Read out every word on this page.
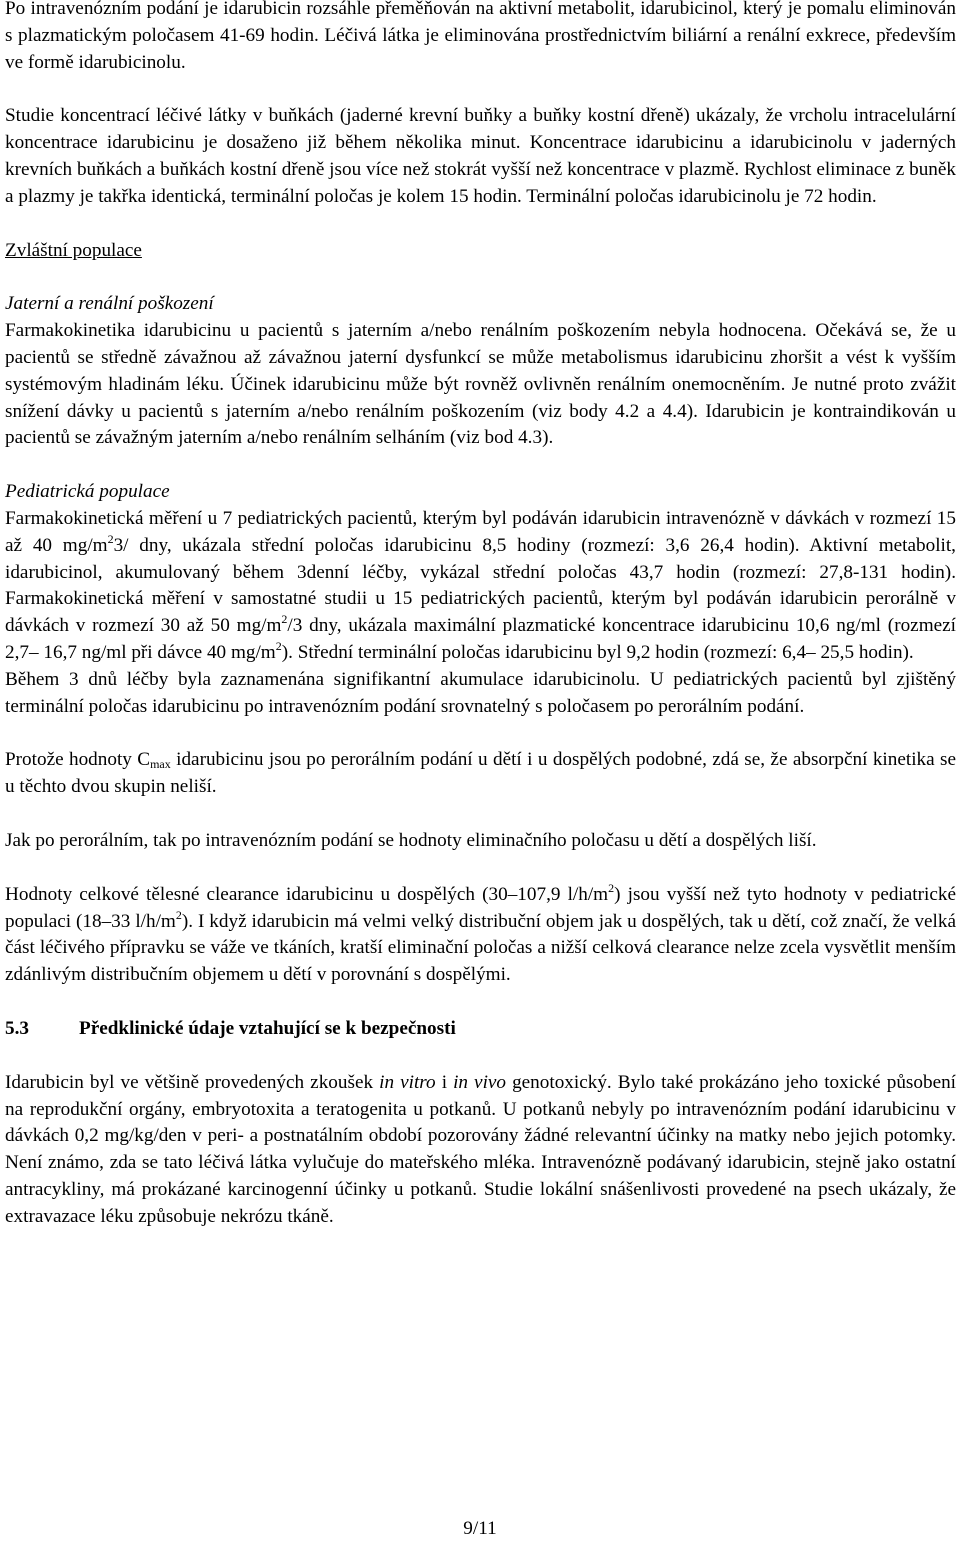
Po intravenózním podání je idarubicin rozsáhle přeměňován na aktivní metabolit, idarubicinol, který je pomalu eliminován s plazmatickým poločasem 41-69 hodin. Léčivá látka je eliminována prostřednictvím biliární a renální exkrece, především ve formě idarubicinolu.

Studie koncentrací léčivé látky v buňkách (jaderné krevní buňky a buňky kostní dřeně) ukázaly, že vrcholu intracelulární koncentrace idarubicinu je dosaženo již během několika minut. Koncentrace idarubicinu a idarubicinolu v jaderných krevních buňkách a buňkách kostní dřeně jsou více než stokrát vyšší než koncentrace v plazmě. Rychlost eliminace z buněk a plazmy je takřka identická, terminální poločas je kolem 15 hodin. Terminální poločas idarubicinolu je 72 hodin.

Zvláštní populace

Jaterní a renální poškození

Farmakokinetika idarubicinu u pacientů s jaterním a/nebo renálním poškozením nebyla hodnocena. Očekává se, že u pacientů se středně závažnou až závažnou jaterní dysfunkcí se může metabolismus idarubicinu zhoršit a vést k vyšším systémovým hladinám léku. Účinek idarubicinu může být rovněž ovlivněn renálním onemocněním. Je nutné proto zvážit snížení dávky u pacientů s jaterním a/nebo renálním poškozením (viz body 4.2 a 4.4). Idarubicin je kontraindikován u pacientů se závažným jaterním a/nebo renálním selháním (viz bod 4.3).

Pediatrická populace

Farmakokinetická měření u 7 pediatrických pacientů, kterým byl podáván idarubicin intravenózně v dávkách v rozmezí 15 až 40 $mg/m^23/$ dny, ukázala střední poločas idarubicinu 8,5 hodiny (rozmezí: 3,6 26,4 hodin). Aktivní metabolit, idarubicinol, akumulovaný během 3denní léčby, vykázal střední poločas 43,7 hodin (rozmezí: 27,8-131 hodin). Farmakokinetická měření v samostatné studii u 15 pediatrických pacientů, kterým byl podáván idarubicin perorálně v dávkách v rozmezí 30 až 50 $mg/m^2/3$ dny, ukázala maximální plazmatické koncentrace idarubicinu 10,6 ng/ml (rozmezí 2,7– 16,7 ng/ml při dávce 40 $mg/m^2$). Střední terminální poločas idarubicinu byl 9,2 hodin (rozmezí: 6,4– 25,5 hodin).

Během 3 dnů léčby byla zaznamenána signifikantní akumulace idarubicinolu. U pediatrických pacientů byl zjištěný terminální poločas idarubicinu po intravenózním podání srovnatelný s poločasem po perorálním podání.

Protože hodnoty $C_{max}$ idarubicinu jsou po perorálním podání u dětí i u dospělých podobné, zdá se, že absorpční kinetika se u těchto dvou skupin neliší.

Jak po perorálním, tak po intravenózním podání se hodnoty eliminačního poločasu u dětí a dospělých liší.

Hodnoty celkové tělesné clearance idarubicinu u dospělých (30–107,9 $l/h/m^2$) jsou vyšší než tyto hodnoty v pediatrické populaci (18–33 $l/h/m^2$). I když idarubicin má velmi velký distribuční objem jak u dospělých, tak u dětí, což značí, že velká část léčivého přípravku se váže ve tkáních, kratší eliminační poločas a nižší celková clearance nelze zcela vysvětlit menším zdánlivým distribučním objemem u dětí v porovnání s dospělými.

5.3	Předklinické údaje vztahující se k bezpečnosti

Idarubicin byl ve většině provedených zkoušek in vitro i in vivo genotoxický. Bylo také prokázáno jeho toxické působení na reprodukční orgány, embryotoxita a teratogenita u potkanů. U potkanů nebyly po intravenózním podání idarubicinu v dávkách 0,2 mg/kg/den v peri- a postnatálním období pozorovány žádné relevantní účinky na matky nebo jejich potomky. Není známo, zda se tato léčivá látka vylučuje do mateřského mléka. Intravenózně podávaný idarubicin, stejně jako ostatní antracykliny, má prokázané karcinogenní účinky u potkanů. Studie lokální snášenlivosti provedené na psech ukázaly, že extravazace léku způsobuje nekrózu tkáně.

9/11
